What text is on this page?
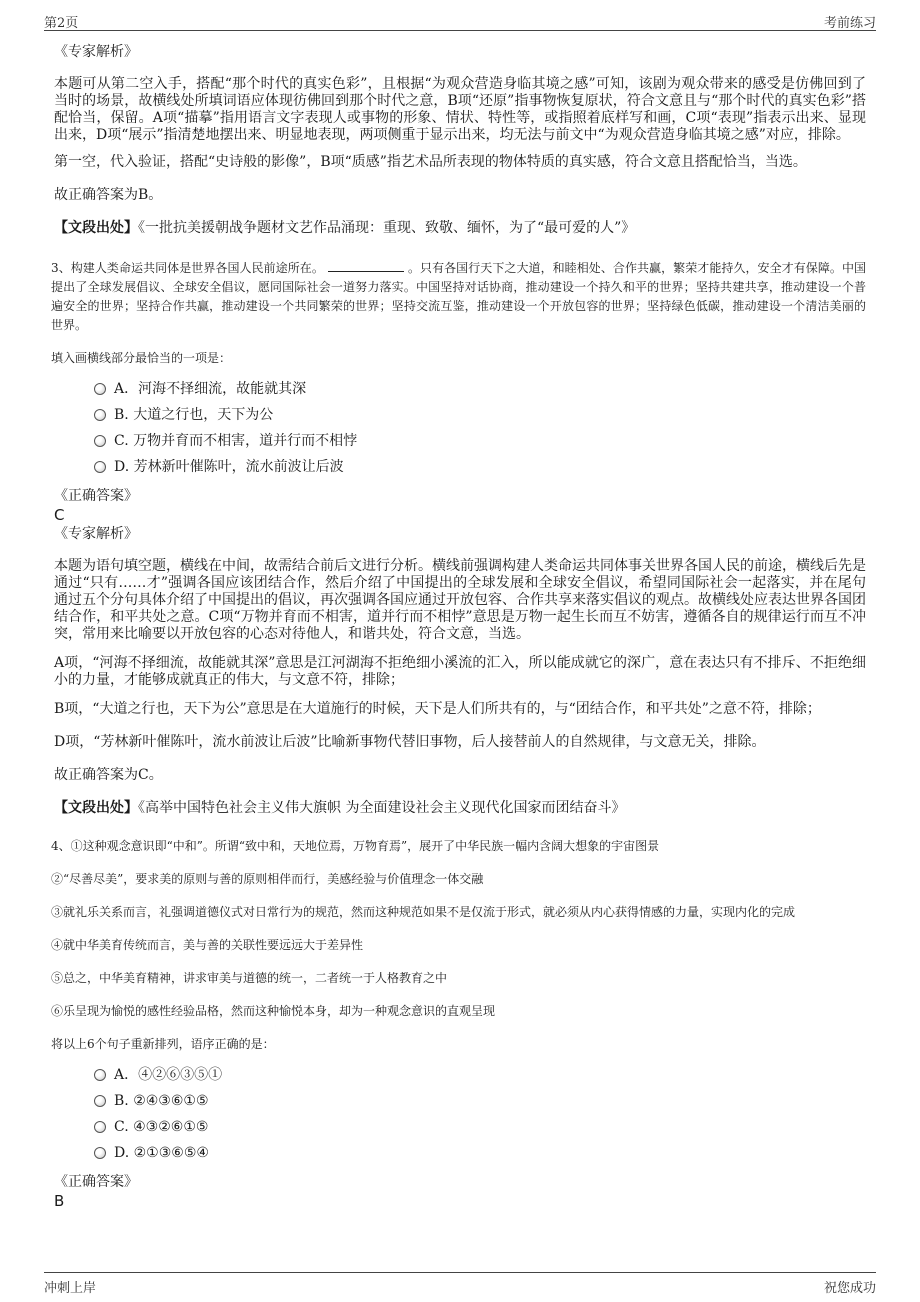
第2页	考前练习

《专家解析》

本题可从第二空入手，搭配“那个时代的真实色彩”，且根据“为观众营造身临其境之感”可知，该剧为观众带来的感受是仿佛回到了当时的场景，故横线处所填词语应体现彷佛回到那个时代之意，B项“还原”指事物恢复原状，符合文意且与“那个时代的真实色彩”搭配恰当，保留。A项“描摹”指用语言文字表现人或事物的形象、情状、特性等，或指照着底样写和画，C项“表现”指表示出来、显现出来，D项“展示”指清楚地摆出来、明显地表现，两项侧重于显示出来，均无法与前文中“为观众营造身临其境之感”对应，排除。

第一空，代入验证，搭配“史诗般的影像”，B项“质感”指艺术品所表现的物体特质的真实感，符合文意且搭配恰当，当选。

故正确答案为B。

【文段出处】《一批抗美援朝战争题材文艺作品涌现：重现、致敬、缅怀，为了“最可爱的人”》

3、构建人类命运共同体是世界各国人民前途所在。	。只有各国行天下之大道，和睦相处、合作共赢，繁荣才能持久，安全才有保障。中国提出了全球发展倡议、全球安全倡议，愿同国际社会一道努力落实。中国坚持对话协商，推动建设一个持久和平的世界；坚持共建共享，推动建设一个普遍安全的世界；坚持合作共赢，推动建设一个共同繁荣的世界；坚持交流互鉴，推动建设一个开放包容的世界；坚持绿色低碳，推动建设一个清洁美丽的世界。

填入画横线部分最恰当的一项是：

A．河海不择细流，故能就其深
B. 大道之行也，天下为公
C. 万物并育而不相害，道并行而不相悖
D. 芳林新叶催陈叶，流水前波让后波

《正确答案》

C

《专家解析》

本题为语句填空题，横线在中间，故需结合前后文进行分析。横线前强调构建人类命运共同体事关世界各国人民的前途，横线后先是通过“只有……才”强调各国应该团结合作，然后介绍了中国提出的全球发展和全球安全倡议，希望同国际社会一起落实，并在尾句通过五个分句具体介绍了中国提出的倡议，再次强调各国应通过开放包容、合作共享来落实倡议的观点。故横线处应表达世界各国团结合作，和平共处之意。C项“万物并育而不相害，道并行而不相悖”意思是万物一起生长而互不妨害，遵循各自的规律运行而互不冲突，常用来比喻要以开放包容的心态对待他人，和谐共处，符合文意，当选。

A项，“河海不择细流，故能就其深”意思是江河湖海不拒绝细小溪流的汇入，所以能成就它的深广，意在表达只有不排斥、不拒绝细小的力量，才能够成就真正的伟大，与文意不符，排除；

B项，“大道之行也，天下为公”意思是在大道施行的时候，天下是人们所共有的，与“团结合作，和平共处”之意不符，排除；

D项，“芳林新叶催陈叶，流水前波让后波”比喻新事物代替旧事物，后人接替前人的自然规律，与文意无关，排除。

故正确答案为C。

【文段出处】《高举中国特色社会主义伟大旗帜 为全面建设社会主义现代化国家而团结奋斗》

4、①这种观念意识即“中和”。所谓“致中和，天地位焉，万物育焉”，展开了中华民族一幅内含阔大想象的宇宙图景

②“尽善尽美”，要求美的原则与善的原则相伴而行，美感经验与价值理念一体交融

③就礼乐关系而言，礼强调道德仪式对日常行为的规范，然而这种规范如果不是仅流于形式，就必须从内心获得情感的力量，实现内化的完成

④就中华美育传统而言，美与善的关联性要远远大于差异性

⑤总之，中华美育精神，讲求审美与道德的统一，二者统一于人格教育之中

⑥乐呈现为愉悦的感性经验品格，然而这种愉悦本身，却为一种观念意识的直观呈现

将以上6个句子重新排列，语序正确的是：

A．④②⑥③⑤①
B. ②④③⑥①⑤
C. ④③②⑥①⑤
D. ②①③⑥⑤④

《正确答案》

B

冲刺上岸	祝您成功
